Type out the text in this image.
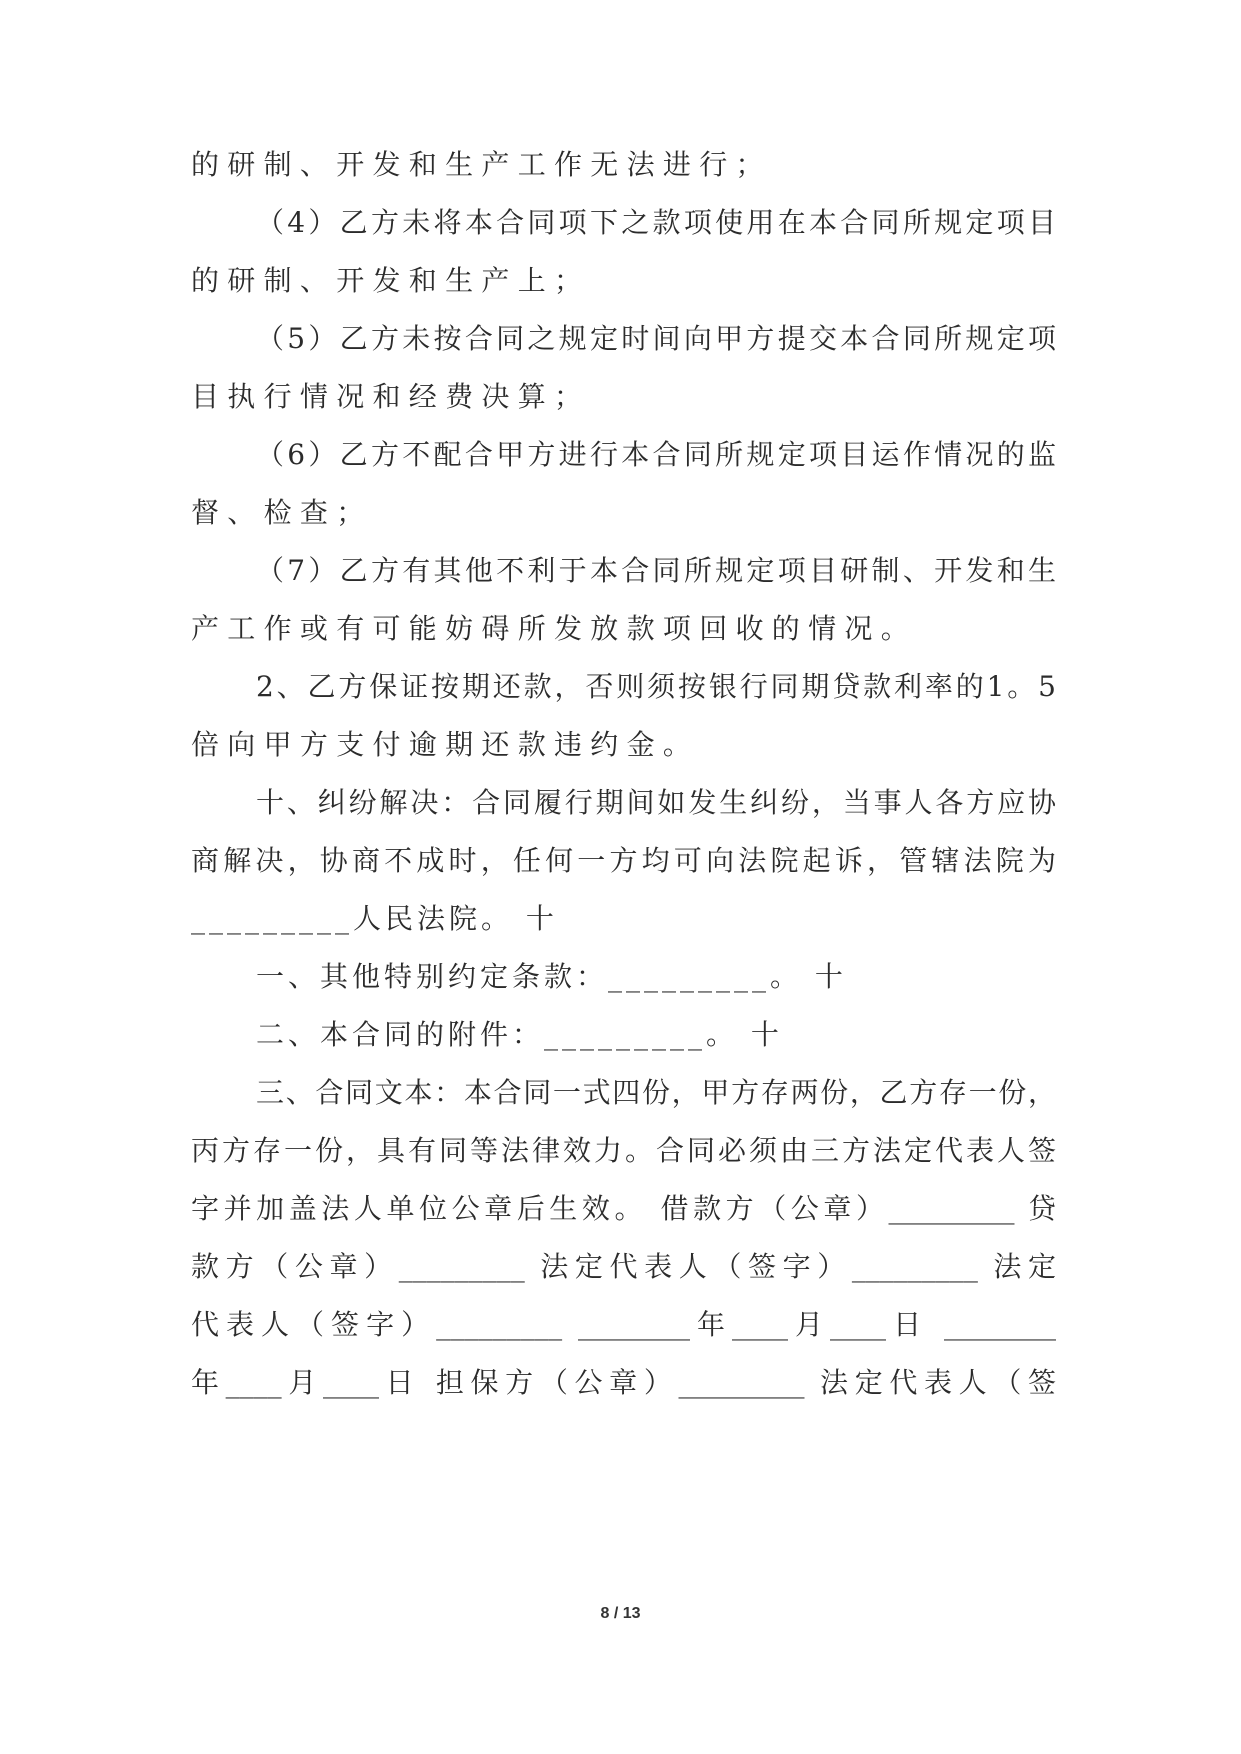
的研制、开发和生产工作无法进行；
（4）乙方未将本合同项下之款项使用在本合同所规定项目
的研制、开发和生产上；
（5）乙方未按合同之规定时间向甲方提交本合同所规定项
目执行情况和经费决算；
（6）乙方不配合甲方进行本合同所规定项目运作情况的监
督、检查；
（7）乙方有其他不利于本合同所规定项目研制、开发和生
产工作或有可能妨碍所发放款项回收的情况。
2、乙方保证按期还款，否则须按银行同期贷款利率的1。5
倍向甲方支付逾期还款违约金。
十、纠纷解决：合同履行期间如发生纠纷，当事人各方应协
商解决，协商不成时，任何一方均可向法院起诉，管辖法院为
_________人民法院。 十
一、其他特别约定条款：_________。 十
二、本合同的附件：_________。 十
三、合同文本：本合同一式四份，甲方存两份，乙方存一份，
丙方存一份，具有同等法律效力。合同必须由三方法定代表人签
字并加盖法人单位公章后生效。 借款方（公章）_________ 贷
款方（公章）_________ 法定代表人（签字）_________ 法定
代表人（签字）_________ ________年____月____日 ________
年____月____日 担保方（公章）_________ 法定代表人（签
8 / 13
